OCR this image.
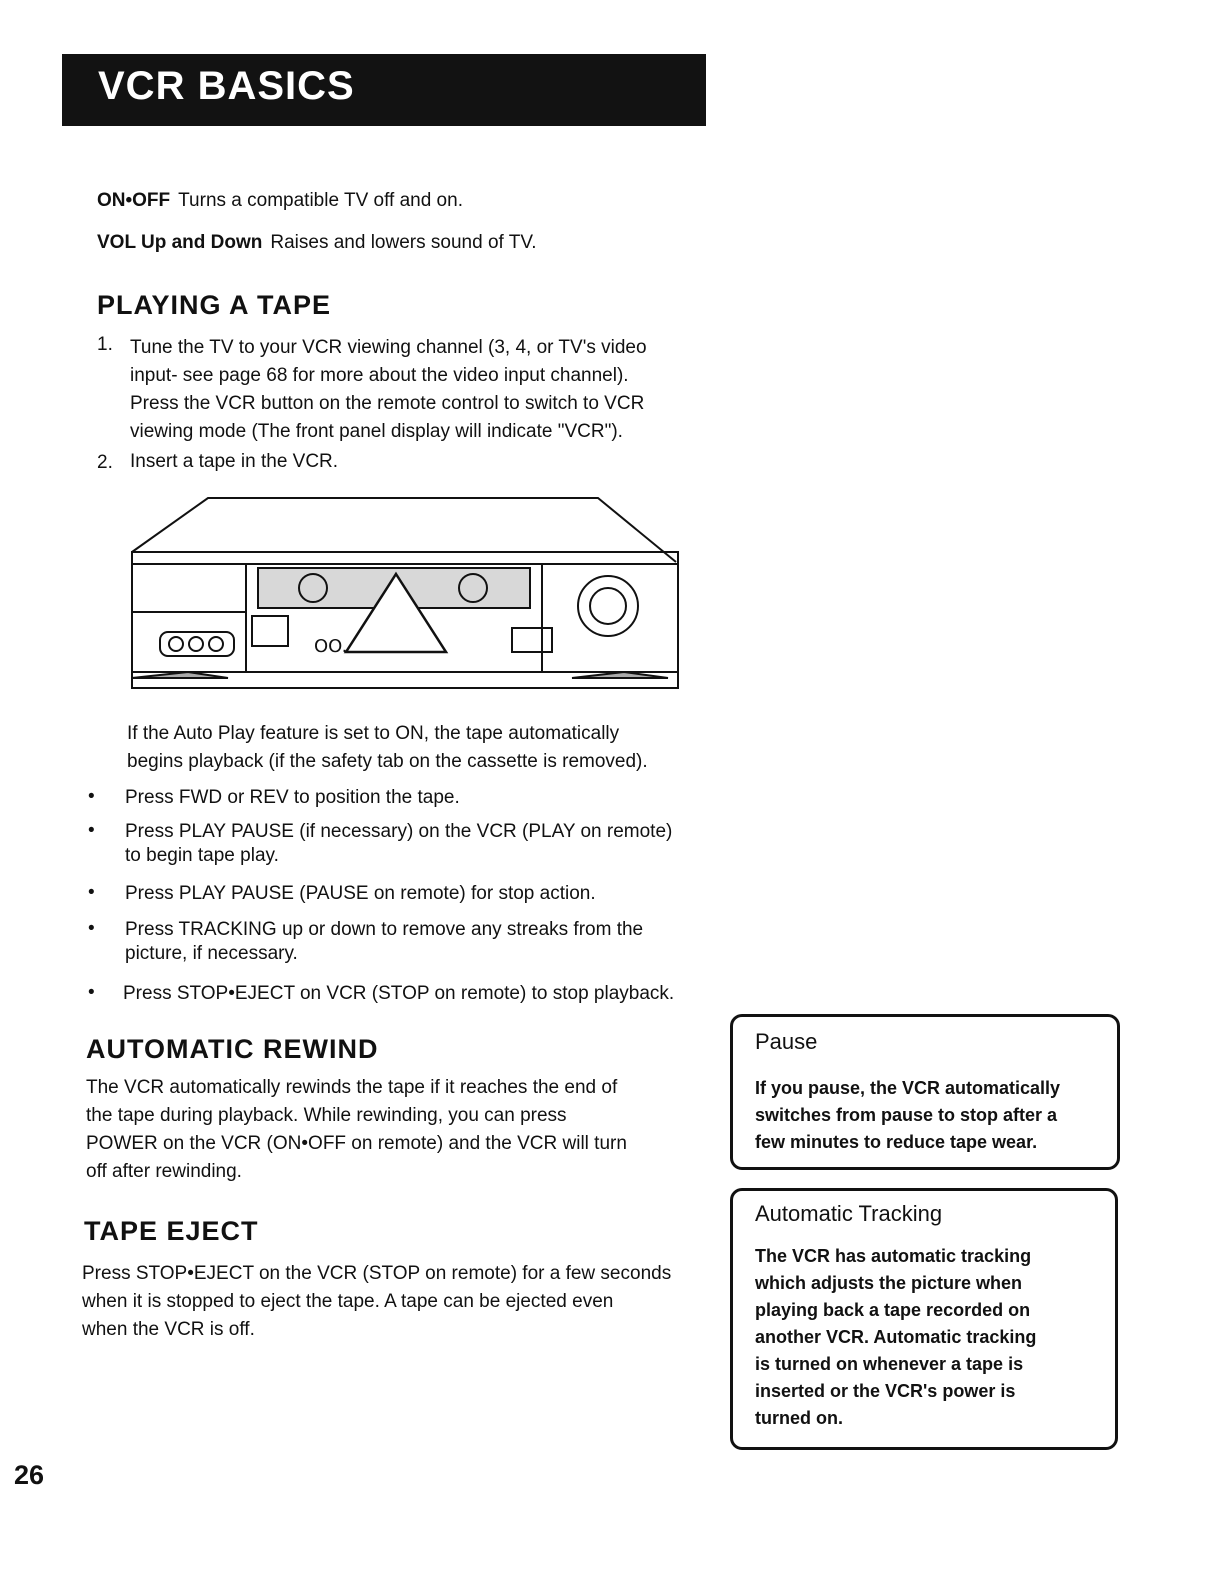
VCR BASICS
ON•OFF Turns a compatible TV off and on.
VOL Up and Down Raises and lowers sound of TV.
PLAYING A TAPE
1. Tune the TV to your VCR viewing channel (3, 4, or TV's video
input- see page 68 for more about the video input channel).
Press the VCR button on the remote control to switch to VCR
viewing mode (The front panel display will indicate "VCR").
2. Insert a tape in the VCR.
OO.
If the Auto Play feature is set to ON, the tape automatically
begins playback (if the safety tab on the cassette is removed).
• Press FWD or REV to position the tape.
• Press PLAY PAUSE (if necessary) on the VCR (PLAY on remote)
to begin tape play.
• Press PLAY PAUSE (PAUSE on remote) for stop action.
• Press TRACKING up or down to remove any streaks from the
picture, if necessary.
• Press STOP•EJECT on VCR (STOP on remote) to stop playback.
AUTOMATIC REWIND
The VCR automatically rewinds the tape if it reaches the end of
the tape during playback. While rewinding, you can press
POWER on the VCR (ON•OFF on remote) and the VCR will turn
off after rewinding.
TAPE EJECT
Press STOP•EJECT on the VCR (STOP on remote) for a few seconds
when it is stopped to eject the tape. A tape can be ejected even
when the VCR is off.
Pause
If you pause, the VCR automatically
switches from pause to stop after a
few minutes to reduce tape wear.
Automatic Tracking
The VCR has automatic tracking
which adjusts the picture when
playing back a tape recorded on
another VCR. Automatic tracking
is turned on whenever a tape is
inserted or the VCR's power is
turned on.
26
